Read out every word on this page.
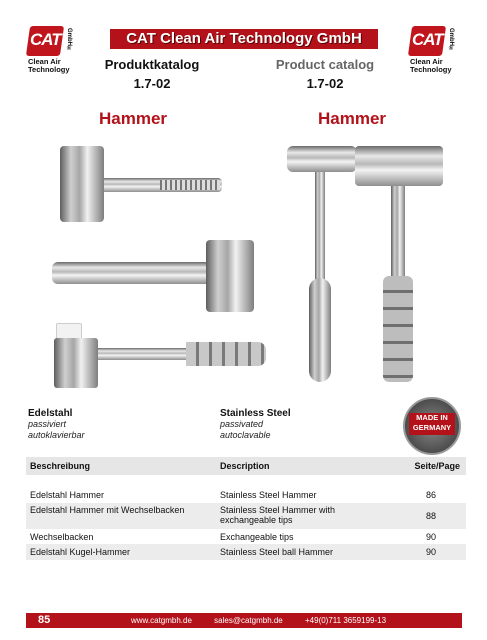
CAT GmbH®
Clean Air
Technology
CAT GmbH®
Clean Air
Technology
CAT Clean Air Technology GmbH
Produktkatalog
1.7-02
Product catalog
1.7-02
Hammer	Hammer
Edelstahl
passiviert
autoklavierbar
Stainless Steel
passivated
autoclavable
MADE IN
GERMANY
Beschreibung	Description	Seite/Page
Edelstahl Hammer	Stainless Steel Hammer	86
Edelstahl Hammer mit Wechselbacken	Stainless Steel Hammer with exchangeable tips	88
Wechselbacken	Exchangeable tips	90
Edelstahl Kugel-Hammer	Stainless Steel ball Hammer	90
85	www.catgmbh.de	sales@catgmbh.de	+49(0)711 3659199-13
